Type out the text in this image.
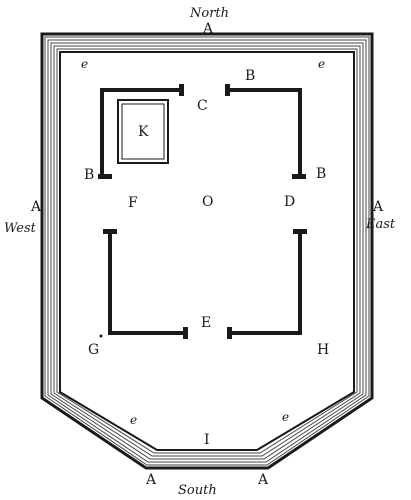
North
A
A
West
A
East
A	A
South
e	e
e	e
B
C
K
B	B
F	O	D
E
G	H
I
